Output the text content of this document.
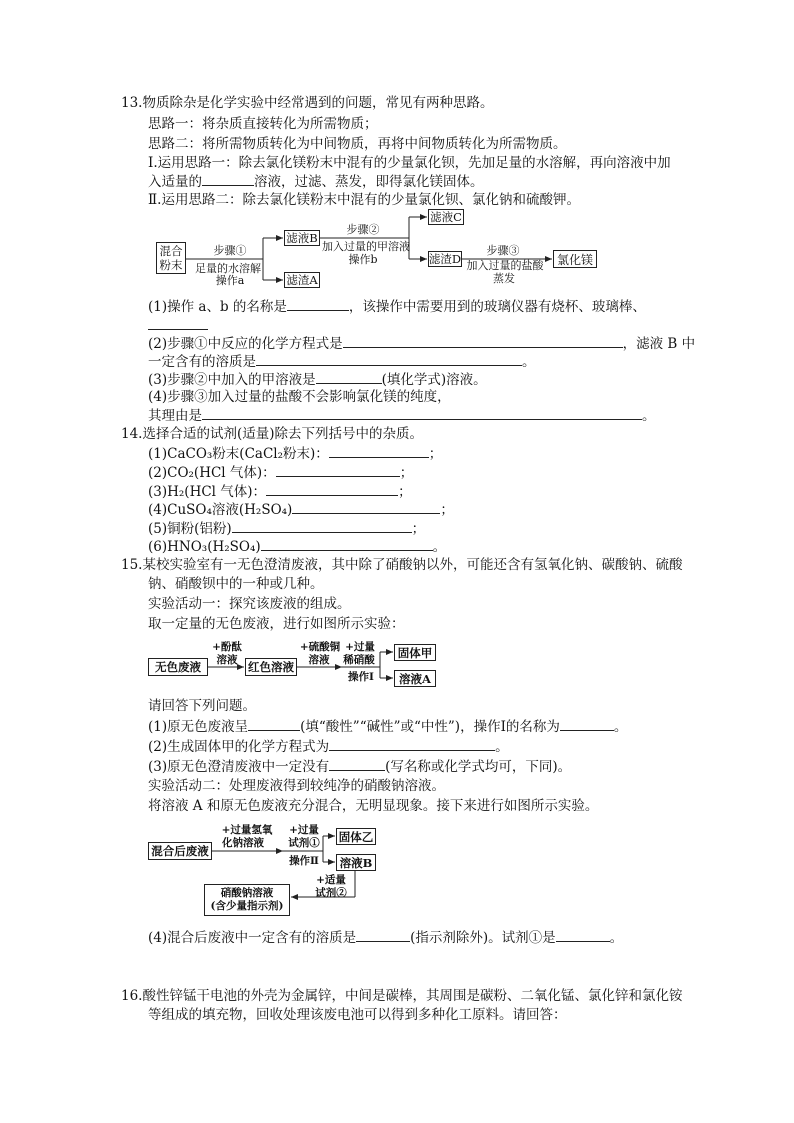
13.物质除杂是化学实验中经常遇到的问题，常见有两种思路。
思路一：将杂质直接转化为所需物质；
思路二：将所需物质转化为中间物质，再将中间物质转化为所需物质。
Ⅰ.运用思路一：除去氯化镁粉末中混有的少量氯化钡，先加足量的水溶解，再向溶液中加
入适量的	溶液，过滤、蒸发，即得氯化镁固体。
Ⅱ.运用思路二：除去氯化镁粉末中混有的少量氯化钡、氯化钠和硫酸钾。
混合
粉末
步骤①
足量的水溶解
操作a
滤液B
滤渣A
步骤②
加入过量的甲溶液
操作b
滤液C
滤渣D
步骤③
加入过量的盐酸
蒸发
氯化镁
(1)操作 a、b 的名称是	，该操作中需要用到的玻璃仪器有烧杯、玻璃棒、
(2)步骤①中反应的化学方程式是	，滤液 B 中
一定含有的溶质是	。
(3)步骤②中加入的甲溶液是	(填化学式)溶液。
(4)步骤③加入过量的盐酸不会影响氯化镁的纯度，
其理由是	。
14.选择合适的试剂(适量)除去下列括号中的杂质。
(1)CaCO₃粉末(CaCl₂粉末)：	；
(2)CO₂(HCl 气体)：	；
(3)H₂(HCl 气体)：	；
(4)CuSO₄溶液(H₂SO₄)	；
(5)铜粉(铝粉)	；
(6)HNO₃(H₂SO₄)	。
15.某校实验室有一无色澄清废液，其中除了硝酸钠以外，可能还含有氢氧化钠、碳酸钠、硫酸
钠、硝酸钡中的一种或几种。
实验活动一：探究该废液的组成。
取一定量的无色废液，进行如图所示实验：
无色废液
+酚酞
溶液 红色溶液
+硫酸铜
溶液
+过量
稀硝酸
操作Ⅰ
固体甲
溶液A
请回答下列问题。
(1)原无色废液呈	(填“酸性”“碱性”或“中性”)，操作Ⅰ的名称为	。
(2)生成固体甲的化学方程式为	。
(3)原无色澄清废液中一定没有	(写名称或化学式均可，下同)。
实验活动二：处理废液得到较纯净的硝酸钠溶液。
将溶液 A 和原无色废液充分混合，无明显现象。接下来进行如图所示实验。
混合后废液
+过量氢氧
化钠溶液
+过量
试剂①
操作Ⅱ
固体乙
溶液B
+适量
试剂②
硝酸钠溶液
(含少量指示剂)
(4)混合后废液中一定含有的溶质是	(指示剂除外)。试剂①是	。
16.酸性锌锰干电池的外壳为金属锌，中间是碳棒，其周围是碳粉、二氧化锰、氯化锌和氯化铵
等组成的填充物，回收处理该废电池可以得到多种化工原料。请回答：
